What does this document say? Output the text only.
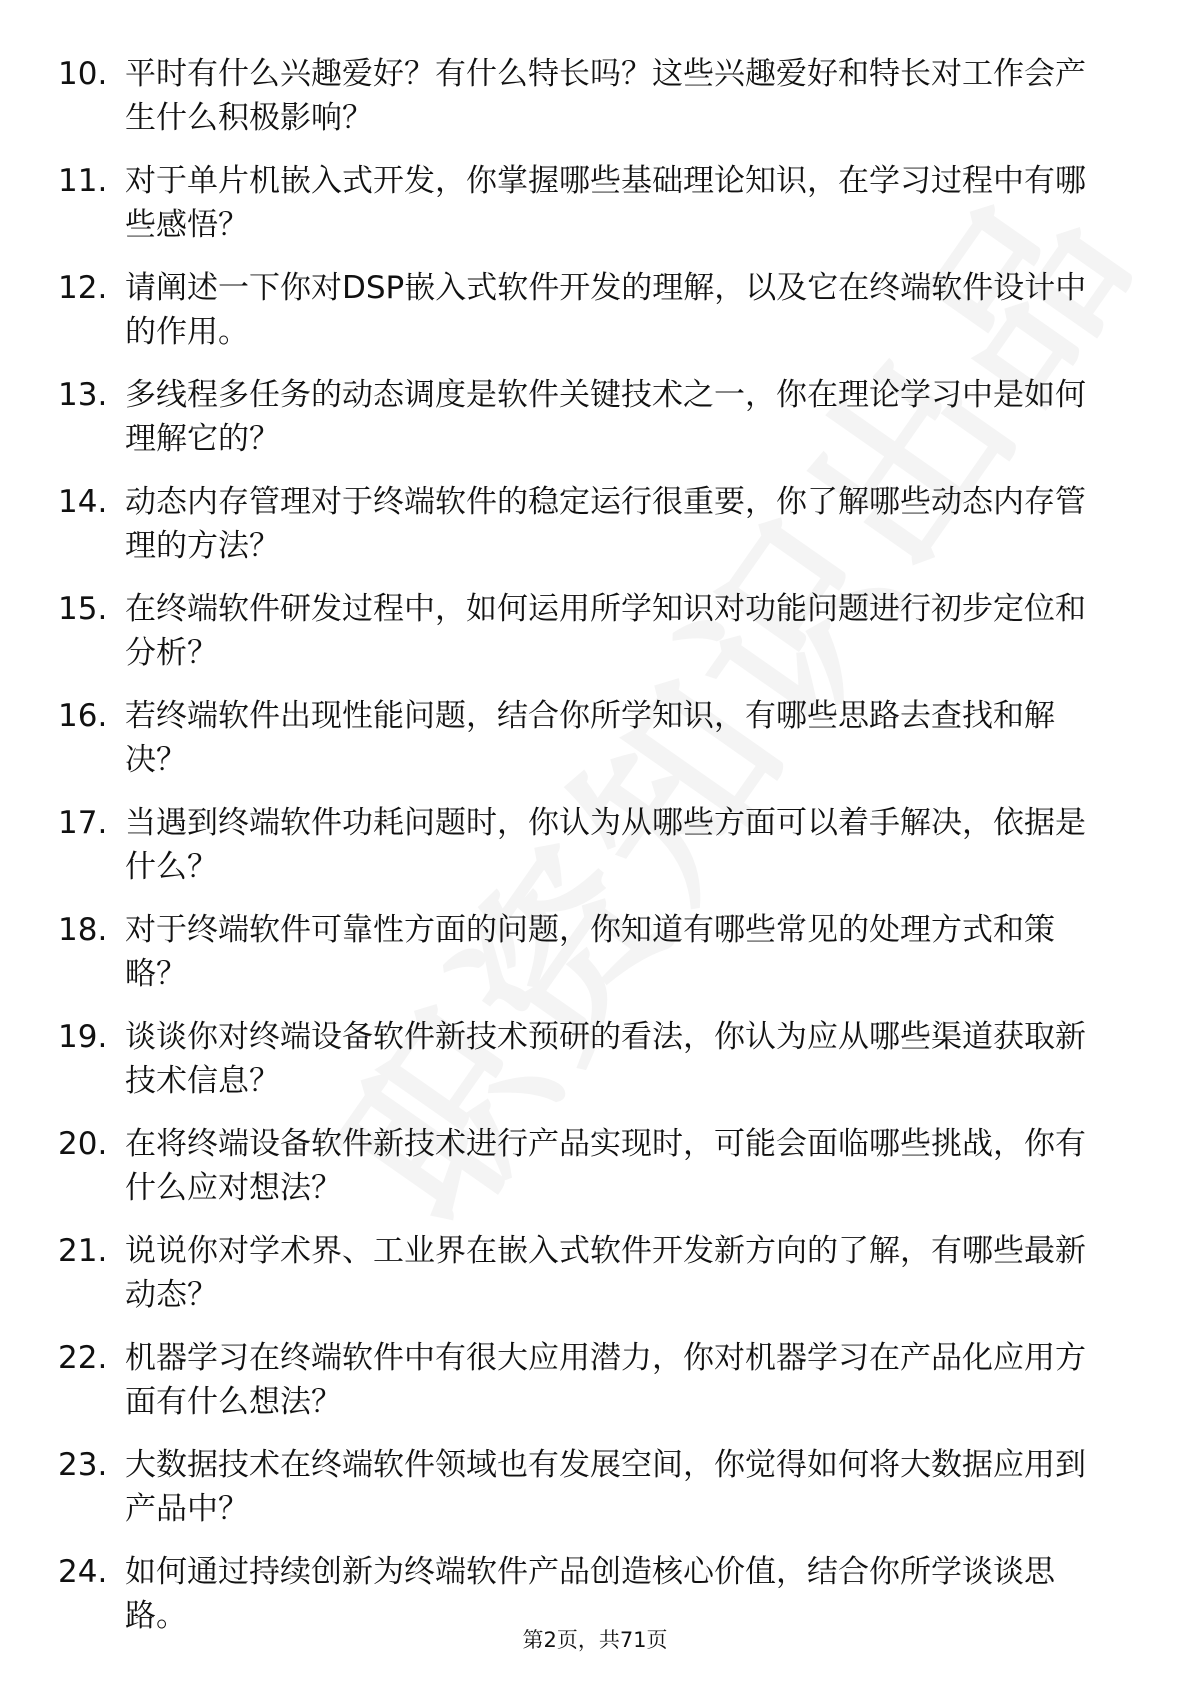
10. 平时有什么兴趣爱好？有什么特长吗？这些兴趣爱好和特长对工作会产生什么积极影响？
11. 对于单片机嵌入式开发，你掌握哪些基础理论知识，在学习过程中有哪些感悟？
12. 请阐述一下你对DSP嵌入式软件开发的理解，以及它在终端软件设计中的作用。
13. 多线程多任务的动态调度是软件关键技术之一，你在理论学习中是如何理解它的？
14. 动态内存管理对于终端软件的稳定运行很重要，你了解哪些动态内存管理的方法？
15. 在终端软件研发过程中，如何运用所学知识对功能问题进行初步定位和分析？
16. 若终端软件出现性能问题，结合你所学知识，有哪些思路去查找和解决？
17. 当遇到终端软件功耗问题时，你认为从哪些方面可以着手解决，依据是什么？
18. 对于终端软件可靠性方面的问题，你知道有哪些常见的处理方式和策略？
19. 谈谈你对终端设备软件新技术预研的看法，你认为应从哪些渠道获取新技术信息？
20. 在将终端设备软件新技术进行产品实现时，可能会面临哪些挑战，你有什么应对想法？
21. 说说你对学术界、工业界在嵌入式软件开发新方向的了解，有哪些最新动态？
22. 机器学习在终端软件中有很大应用潜力，你对机器学习在产品化应用方面有什么想法？
23. 大数据技术在终端软件领域也有发展空间，你觉得如何将大数据应用到产品中？
24. 如何通过持续创新为终端软件产品创造核心价值，结合你所学谈谈思路。
第2页，共71页
